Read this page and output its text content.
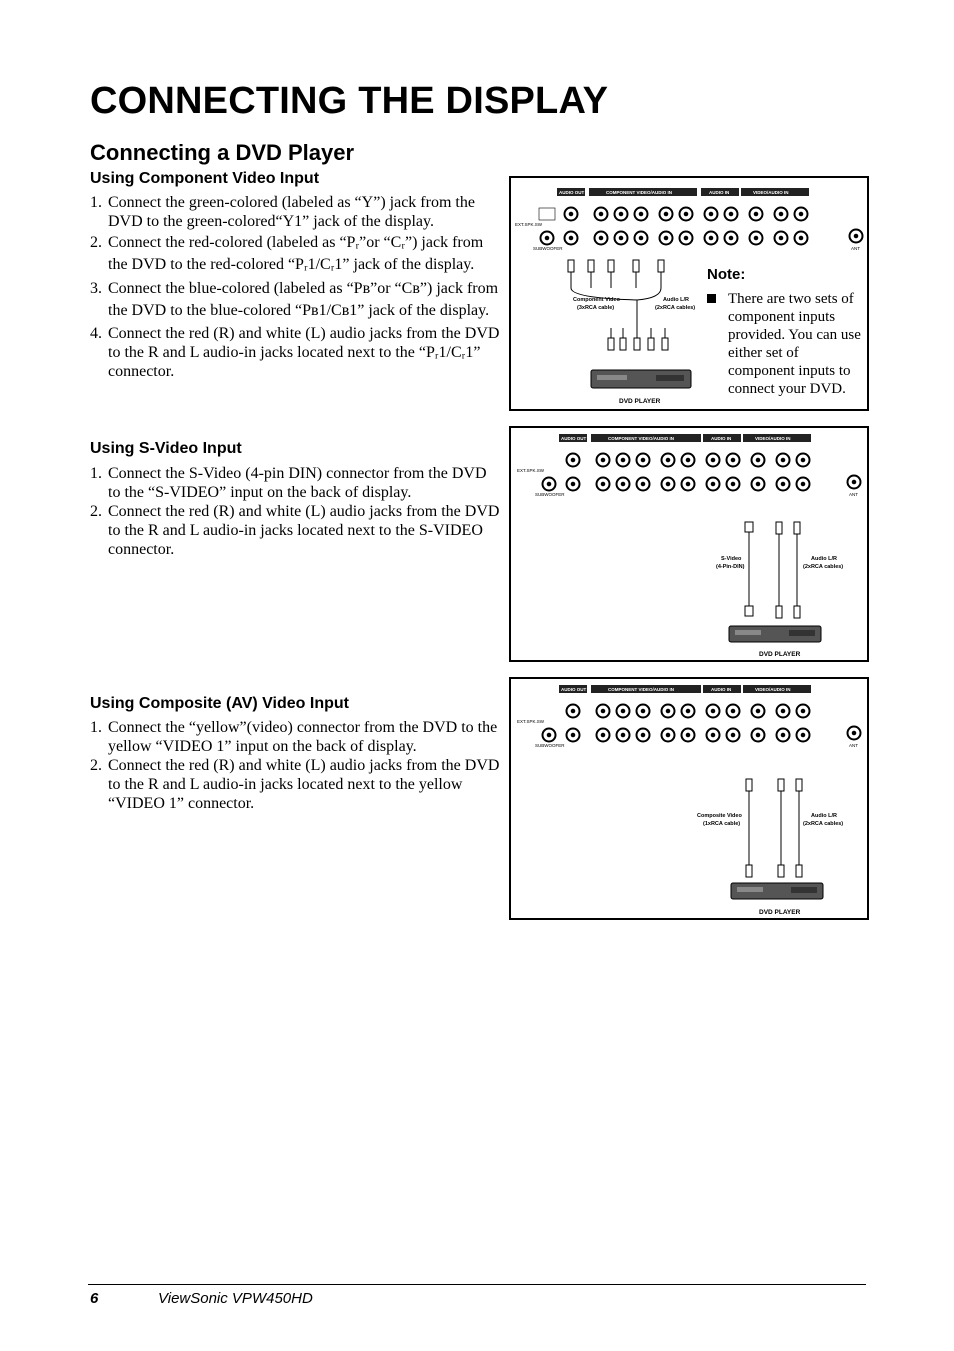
CONNECTING THE DISPLAY
Connecting a DVD Player
Using Component Video Input
1. Connect the green-colored (labeled as “Y”) jack from the DVD to the green-colored“Y1” jack of the display.
2. Connect the red-colored (labeled as “Pᵣ”or “Cᵣ”) jack from the DVD to the red-colored “Pᵣ1/Cᵣ1” jack of the display.
3. Connect the blue-colored (labeled as “Pʙ”or “Cʙ”) jack from the DVD to the blue-colored “Pʙ1/Cʙ1” jack of the display.
4. Connect the red (R) and white (L) audio jacks from the DVD to the R and L audio-in jacks located next to the “Pᵣ1/Cᵣ1” connector.
Using S-Video Input
1. Connect the S-Video (4-pin DIN) connector from the DVD to the “S-VIDEO” input on the back of display.
2. Connect the red (R) and white (L) audio jacks from the DVD to the R and L audio-in jacks located next to the S-VIDEO connector.
Using Composite (AV) Video Input
1. Connect the “yellow”(video) connector from the DVD to the yellow “VIDEO 1” input on the back of display.
2. Connect the red (R) and white (L) audio jacks from the DVD to the R and L audio-in jacks located next to the yellow “VIDEO 1” connector.
AUDIO OUT	COMPONENT VIDEO/AUDIO IN	AUDIO IN	VIDEO/AUDIO IN
EXT.SPK.SW
SUBWOOFER	ANT
Component Video
(3xRCA cable)
Audio L/R
(2xRCA cables)
DVD PLAYER
Note:
There are two sets of component inputs provided. You can use either set of component inputs to connect your DVD.
AUDIO OUT	COMPONENT VIDEO/AUDIO IN	AUDIO IN	VIDEO/AUDIO IN
EXT.SPK.SW
SUBWOOFER	ANT
S-Video
(4-Pin-DIN)
Audio L/R
(2xRCA cables)
DVD PLAYER
AUDIO OUT	COMPONENT VIDEO/AUDIO IN	AUDIO IN	VIDEO/AUDIO IN
EXT.SPK.SW
SUBWOOFER	ANT
Composite Video
(1xRCA cable)
Audio L/R
(2xRCA cables)
DVD PLAYER
6	ViewSonic VPW450HD
